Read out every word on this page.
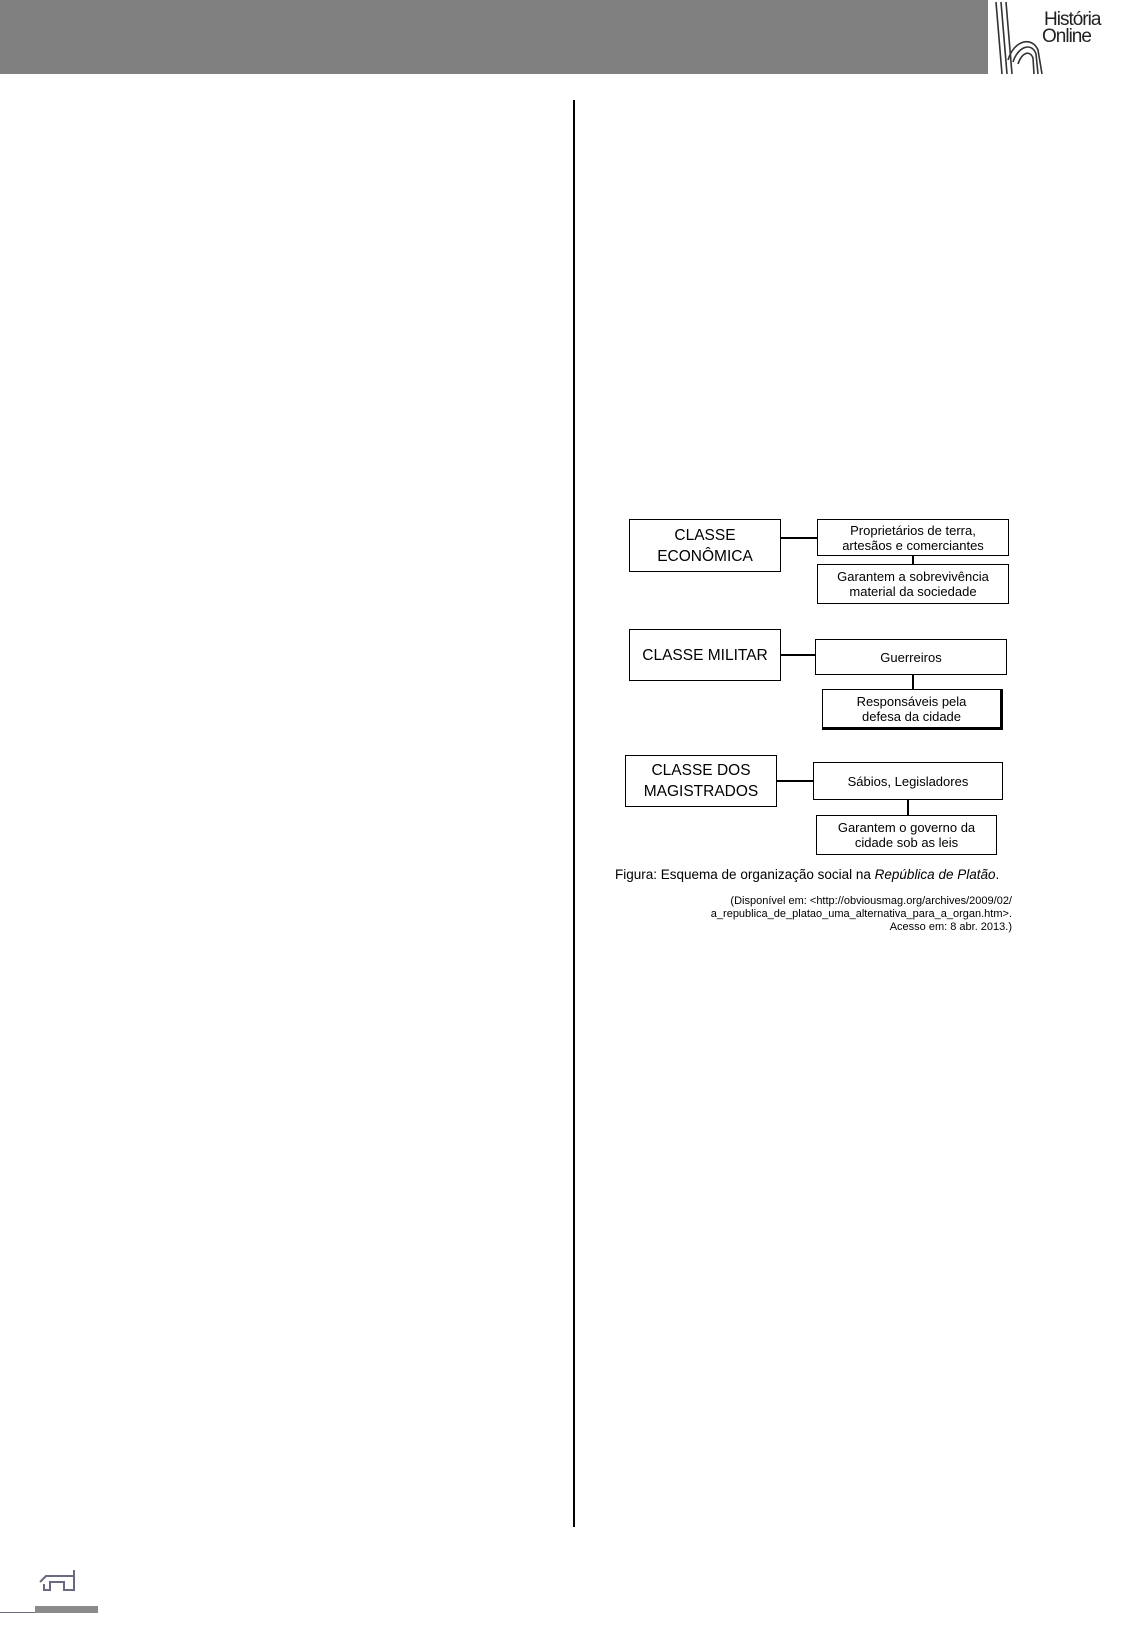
História
Online
CLASSE ECONÔMICA
Proprietários de terra, artesãos e comerciantes
Garantem a sobrevivência material da sociedade
CLASSE MILITAR	Guerreiros
Responsáveis pela defesa da cidade
CLASSE DOS MAGISTRADOS
Sábios, Legisladores
Garantem o governo da cidade sob as leis
Figura: Esquema de organização social na República de Platão.
(Disponível em: <http://obviousmag.org/archives/2009/02/
a_republica_de_platao_uma_alternativa_para_a_organ.htm>.
Acesso em: 8 abr. 2013.)
